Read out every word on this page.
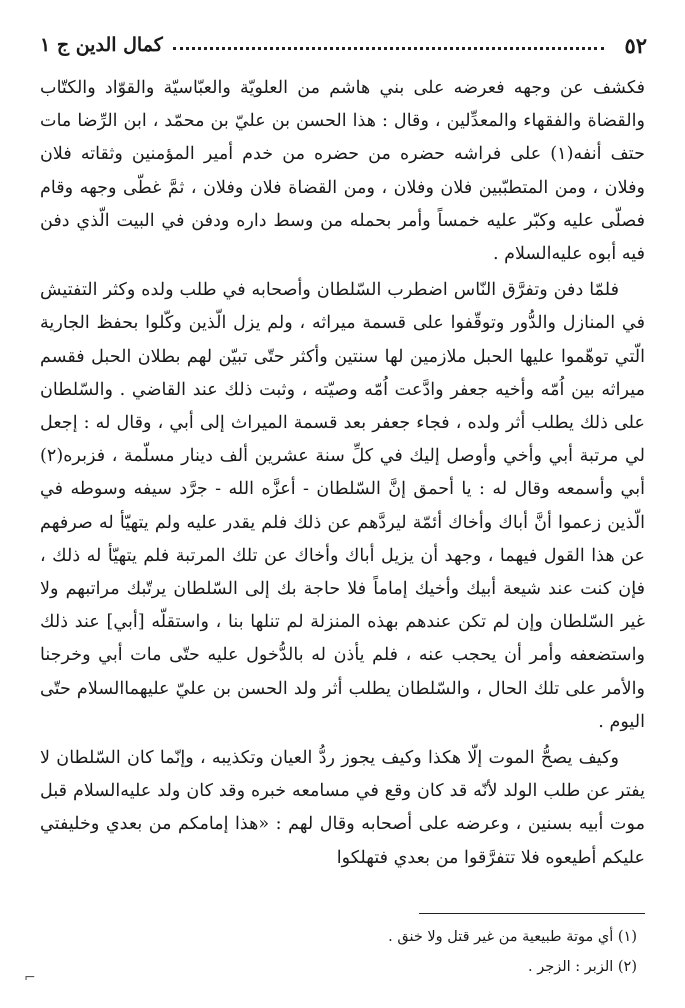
٥٢
كمال الدين ج ١

فكشف عن وجهه فعرضه على بني هاشم من العلويّة والعبّاسيّة والقوّاد والكتّاب والقضاة والفقهاء والمعدِّلين ، وقال : هذا الحسن بن عليّ بن محمّد ، ابن الرِّضا مات حتف أنفه(١) على فراشه حضره من حضره من خدم أمير المؤمنين وثقاته فلان وفلان ، ومن المتطبّبين فلان وفلان ، ومن القضاة فلان وفلان ، ثمَّ غطّى وجهه وقام فصلّى عليه وكبّر عليه خمساً وأمر بحمله من وسط داره ودفن في البيت الّذي دفن فيه أبوه عليه‌السلام .

فلمّا دفن وتفرَّق النّاس اضطرب السّلطان وأصحابه في طلب ولده وكثر التفتيش في المنازل والدُّور وتوقّفوا على قسمة ميراثه ، ولم يزل الّذين وكّلوا بحفظ الجارية الّتي توهّموا عليها الحبل ملازمين لها سنتين وأكثر حتّى تبيّن لهم بطلان الحبل فقسم ميراثه بين اُمّه وأخيه جعفر وادَّعت اُمّه وصيّته ، وثبت ذلك عند القاضي . والسّلطان على ذلك يطلب أثر ولده ، فجاء جعفر بعد قسمة الميراث إلى أبي ، وقال له : إجعل لي مرتبة أبي وأخي وأوصل إليك في كلِّ سنة عشرين ألف دينار مسلّمة ، فزبره(٢) أبي وأسمعه وقال له : يا أحمق إنَّ السّلطان - أعزَّه الله - جرَّد سيفه وسوطه في الّذين زعموا أنَّ أباك وأخاك أئمّة ليردَّهم عن ذلك فلم يقدر عليه ولم يتهيّأ له صرفهم عن هذا القول فيهما ، وجهد أن يزيل أباك وأخاك عن تلك المرتبة فلم يتهيّأ له ذلك ، فإن كنت عند شيعة أبيك وأخيك إماماً فلا حاجة بك إلى السّلطان يرتّبك مراتبهم ولا غير السّلطان وإن لم تكن عندهم بهذه المنزلة لم تنلها بنا ، واستقلّه [أبي] عند ذلك واستضعفه وأمر أن يحجب عنه ، فلم يأذن له بالدُّخول عليه حتّى مات أبي وخرجنا والأمر على تلك الحال ، والسّلطان يطلب أثر ولد الحسن بن عليّ عليهما‌السلام حتّى اليوم .

وكيف يصحُّ الموت إلّا هكذا وكيف يجوز ردُّ العيان وتكذيبه ، وإنّما كان السّلطان لا يفتر عن طلب الولد لأنّه قد كان وقع في مسامعه خبره وقد كان ولد عليه‌السلام قبل موت أبيه بسنين ، وعرضه على أصحابه وقال لهم : «هذا إمامكم من بعدي وخليفتي عليكم أطيعوه فلا تتفرَّقوا من بعدي فتهلكوا

(١) أي موتة طبيعية من غير قتل ولا خنق .

(٢) الزبر : الزجر .

⌐
